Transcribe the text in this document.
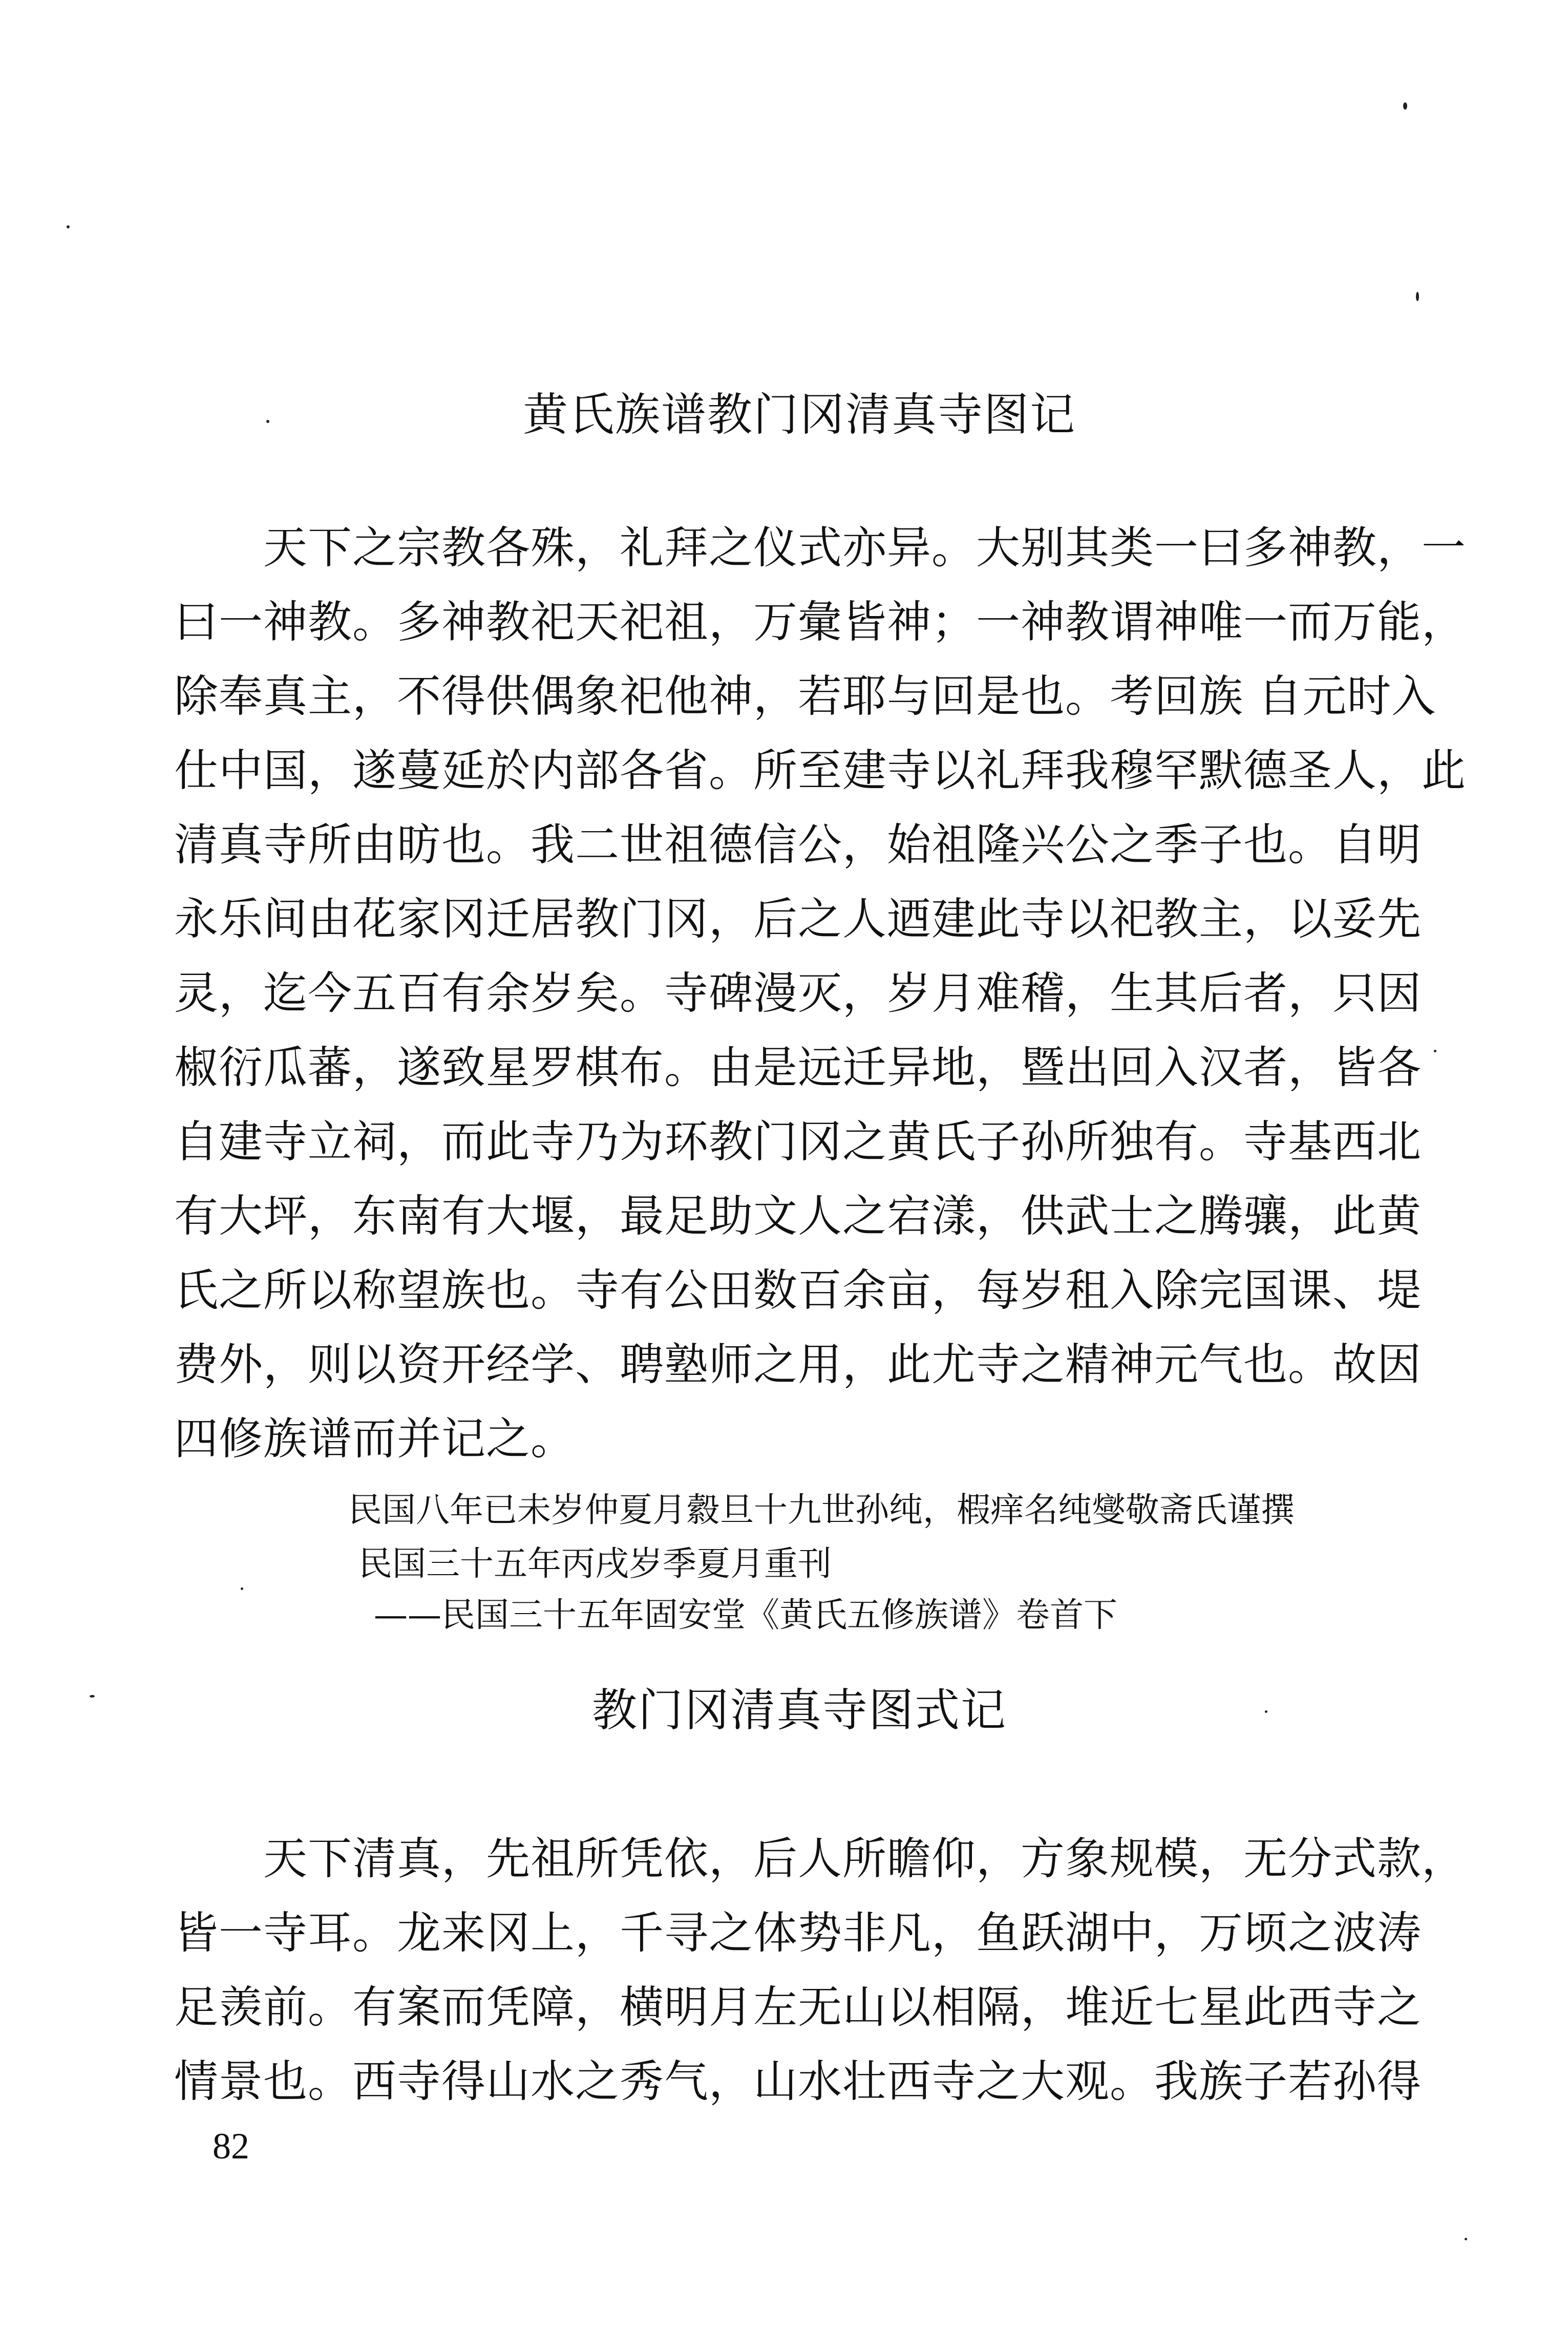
黄氏族谱教门冈清真寺图记
　　天下之宗教各殊，礼拜之仪式亦异。大别其类一曰多神教，一
曰一神教。多神教祀天祀祖，万彙皆神；一神教谓神唯一而万能，
除奉真主，不得供偶象祀他神，若耶与回是也。考回族 自元时入
仕中国，遂蔓延於内部各省。所至建寺以礼拜我穆罕默德圣人，此
清真寺所由昉也。我二世祖德信公，始祖隆兴公之季子也。自明
永乐间由花家冈迁居教门冈，后之人迺建此寺以祀教主，以妥先
灵，迄今五百有余岁矣。寺碑漫灭，岁月难稽，生其后者，只因
椒衍瓜蕃，遂致星罗棋布。由是远迁异地，暨出回入汉者，皆各
自建寺立祠，而此寺乃为环教门冈之黄氏子孙所独有。寺基西北
有大坪，东南有大堰，最足助文人之宕漾，供武士之腾骧，此黄
氏之所以称望族也。寺有公田数百余亩，每岁租入除完国课、堤
费外，则以资开经学、聘塾师之用，此尤寺之精神元气也。故因
四修族谱而并记之。
民国八年已未岁仲夏月縠旦十九世孙纯，椵痒名纯燮敬斋氏谨撰
民国三十五年丙戌岁季夏月重刊
——民国三十五年固安堂《黄氏五修族谱》卷首下
教门冈清真寺图式记
　　天下清真，先祖所凭依，后人所瞻仰，方象规模，无分式款，
皆一寺耳。龙来冈上，千寻之体势非凡，鱼跃湖中，万顷之波涛
足羡前。有案而凭障，横明月左无山以相隔，堆近七星此西寺之
情景也。西寺得山水之秀气，山水壮西寺之大观。我族子若孙得
82
